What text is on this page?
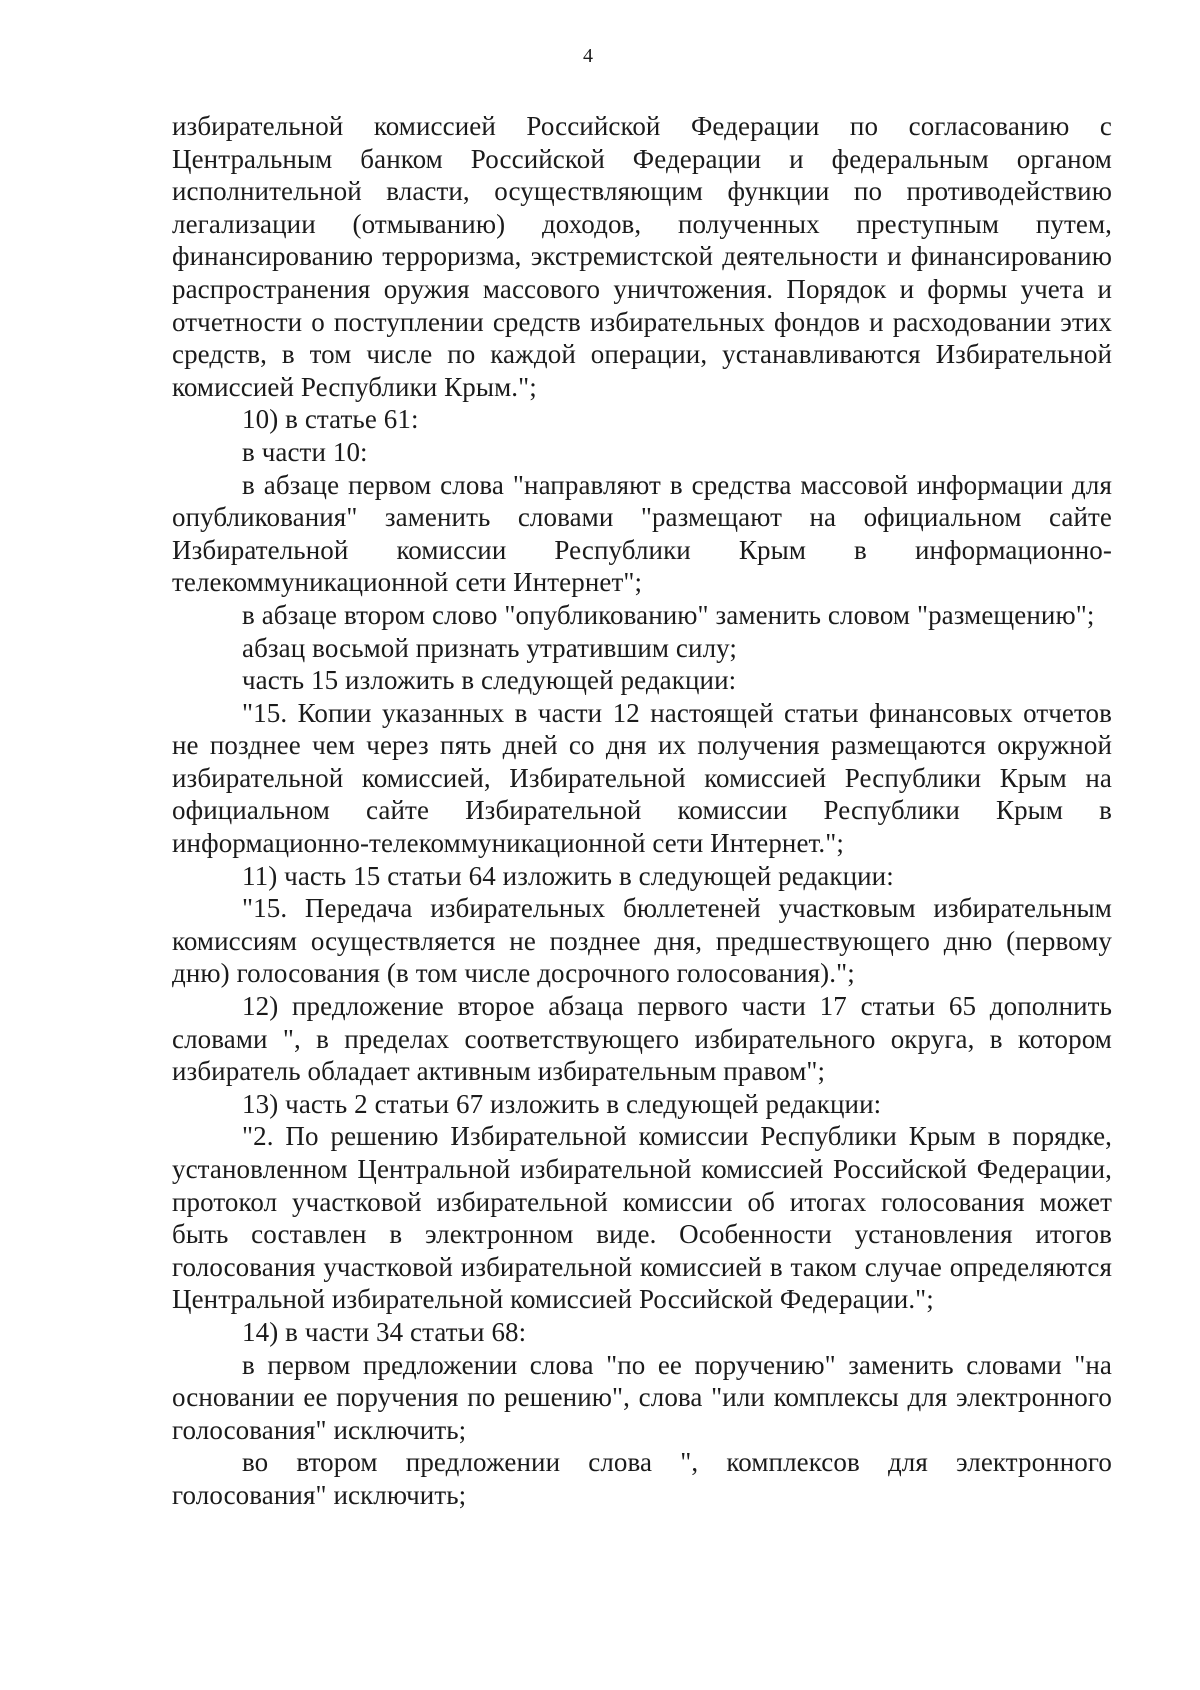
4

избирательной комиссией Российской Федерации по согласованию с Центральным банком Российской Федерации и федеральным органом исполнительной власти, осуществляющим функции по противодействию легализации (отмыванию) доходов, полученных преступным путем, финансированию терроризма, экстремистской деятельности и финансированию распространения оружия массового уничтожения. Порядок и формы учета и отчетности о поступлении средств избирательных фондов и расходовании этих средств, в том числе по каждой операции, устанавливаются Избирательной комиссией Республики Крым.";

10) в статье 61:

в части 10:

в абзаце первом слова "направляют в средства массовой информации для опубликования" заменить словами "размещают на официальном сайте Избирательной комиссии Республики Крым в информационно-телекоммуникационной сети Интернет";

в абзаце втором слово "опубликованию" заменить словом "размещению";

абзац восьмой признать утратившим силу;

часть 15 изложить в следующей редакции:

"15. Копии указанных в части 12 настоящей статьи финансовых отчетов не позднее чем через пять дней со дня их получения размещаются окружной избирательной комиссией, Избирательной комиссией Республики Крым на официальном сайте Избирательной комиссии Республики Крым в информационно-телекоммуникационной сети Интернет.";

11) часть 15 статьи 64 изложить в следующей редакции:

"15. Передача избирательных бюллетеней участковым избирательным комиссиям осуществляется не позднее дня, предшествующего дню (первому дню) голосования (в том числе досрочного голосования).";

12) предложение второе абзаца первого части 17 статьи 65 дополнить словами ", в пределах соответствующего избирательного округа, в котором избиратель обладает активным избирательным правом";

13) часть 2 статьи 67 изложить в следующей редакции:

"2. По решению Избирательной комиссии Республики Крым в порядке, установленном Центральной избирательной комиссией Российской Федерации, протокол участковой избирательной комиссии об итогах голосования может быть составлен в электронном виде. Особенности установления итогов голосования участковой избирательной комиссией в таком случае определяются Центральной избирательной комиссией Российской Федерации.";

14) в части 34 статьи 68:

в первом предложении слова "по ее поручению" заменить словами "на основании ее поручения по решению", слова "или комплексы для электронного голосования" исключить;

во втором предложении слова ", комплексов для электронного голосования" исключить;
